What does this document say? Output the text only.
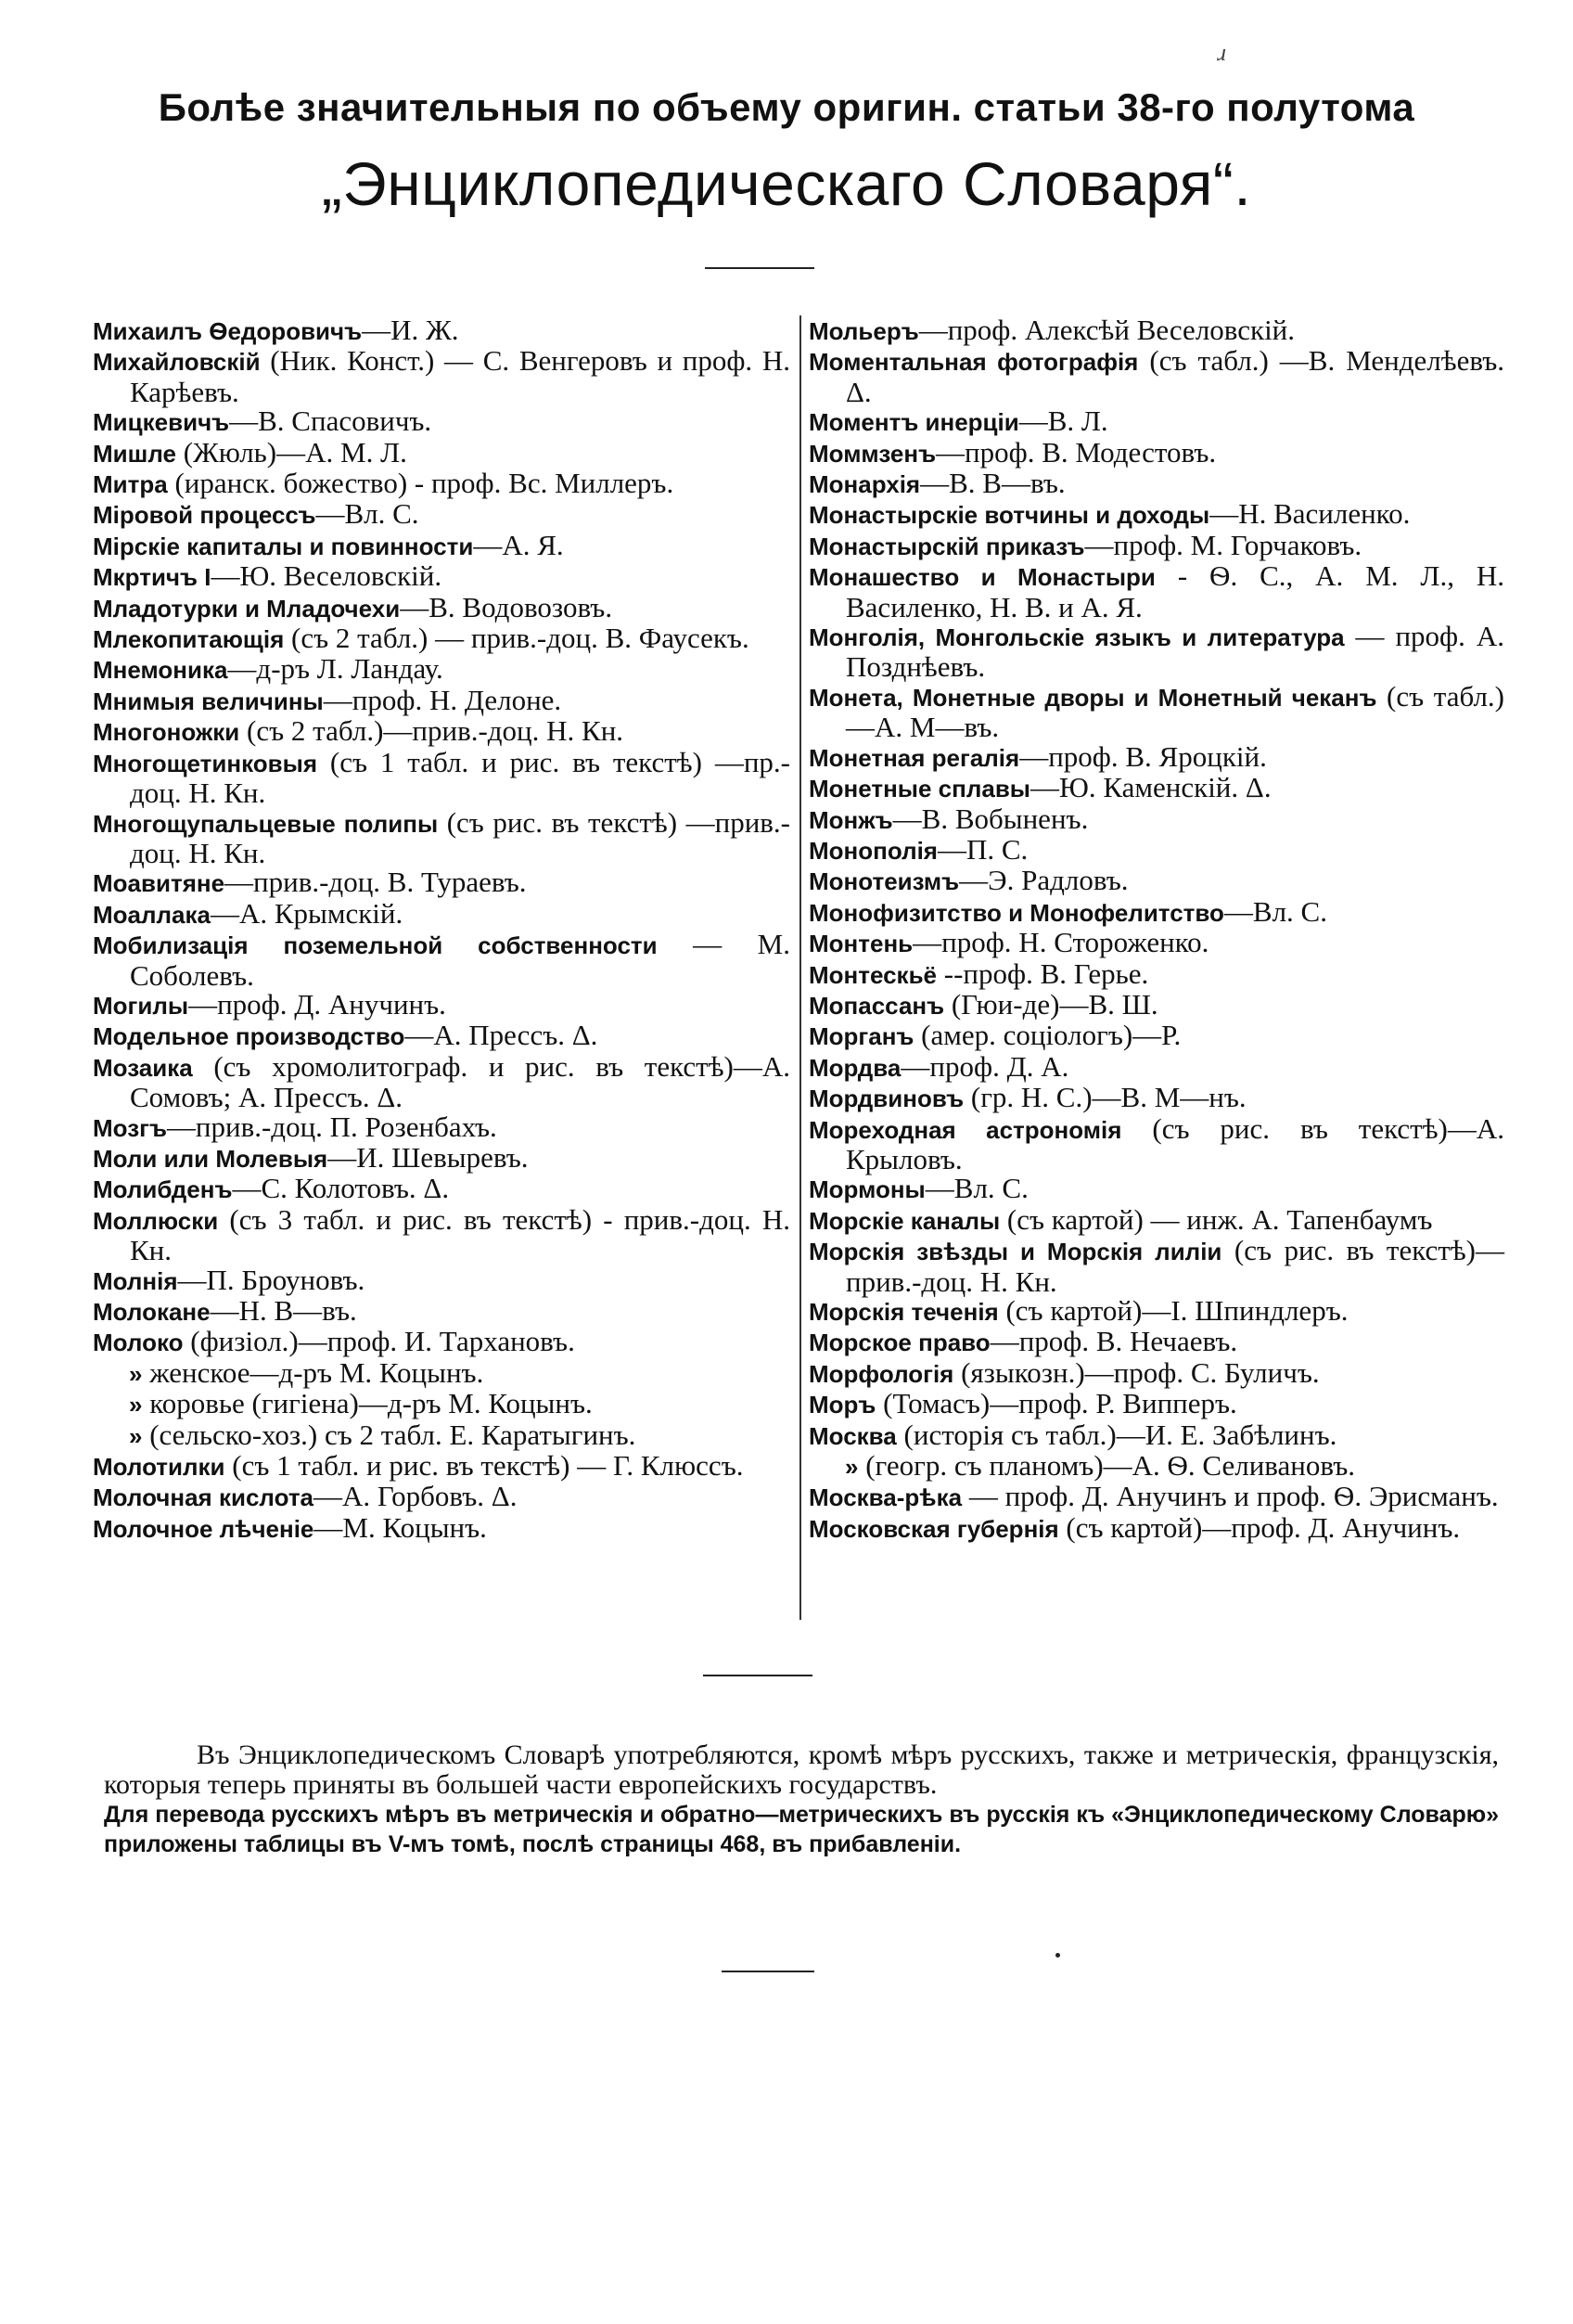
ɹ
Болѣе значительныя по объему оригин. статьи 38-го полутома
„Энциклопедическаго Словаря“.
Михаилъ Ѳедоровичъ—И. Ж.
Михайловскій (Ник. Конст.) — С. Венгеровъ и проф. Н. Карѣевъ.
Мицкевичъ—В. Спасовичъ.
Мишле (Жюль)—А. М. Л.
Митра (иранск. божество) - проф. Вс. Миллеръ.
Міровой процессъ—Вл. С.
Мірскіе капиталы и повинности—А. Я.
Мкртичъ I—Ю. Веселовскій.
Младотурки и Младочехи—В. Водовозовъ.
Млекопитающія (съ 2 табл.) — прив.-доц. В. Фаусекъ.
Мнемоника—д-ръ Л. Ландау.
Мнимыя величины—проф. Н. Делоне.
Многоножки (съ 2 табл.)—прив.-доц. Н. Кн.
Многощетинковыя (съ 1 табл. и рис. въ текстѣ) —пр.-доц. Н. Кн.
Многощупальцевые полипы (съ рис. въ текстѣ) —прив.-доц. Н. Кн.
Моавитяне—прив.-доц. В. Тураевъ.
Моаллака—А. Крымскій.
Мобилизація поземельной собственности — М. Соболевъ.
Могилы—проф. Д. Анучинъ.
Модельное производство—А. Прессъ. Δ.
Мозаика (съ хромолитограф. и рис. въ текстѣ)—А. Сомовъ; А. Прессъ. Δ.
Мозгъ—прив.-доц. П. Розенбахъ.
Моли или Молевыя—И. Шевыревъ.
Молибденъ—С. Колотовъ. Δ.
Моллюски (съ 3 табл. и рис. въ текстѣ) - прив.-доц. Н. Кн.
Молнія—П. Броуновъ.
Молокане—Н. В—въ.
Молоко (физіол.)—проф. И. Тархановъ.
» женское—д-ръ М. Коцынъ.
» коровье (гигіена)—д-ръ М. Коцынъ.
» (сельско-хоз.) съ 2 табл. Е. Каратыгинъ.
Молотилки (съ 1 табл. и рис. въ текстѣ) — Г. Клюссъ.
Молочная кислота—А. Горбовъ. Δ.
Молочное лѣченіе—М. Коцынъ.
Мольеръ—проф. Алексѣй Веселовскій.
Моментальная фотографія (съ табл.) —В. Менделѣевъ. Δ.
Моментъ инерціи—В. Л.
Моммзенъ—проф. В. Модестовъ.
Монархія—В. В—въ.
Монастырскіе вотчины и доходы—Н. Василенко.
Монастырскій приказъ—проф. М. Горчаковъ.
Монашество и Монастыри - Ѳ. С., А. М. Л., Н. Василенко, Н. В. и А. Я.
Монголія, Монгольскіе языкъ и литература — проф. А. Позднѣевъ.
Монета, Монетные дворы и Монетный чеканъ (съ табл.)—А. М—въ.
Монетная регалія—проф. В. Яроцкій.
Монетные сплавы—Ю. Каменскій. Δ.
Монжъ—В. Вобыненъ.
Монополія—П. С.
Монотеизмъ—Э. Радловъ.
Монофизитство и Монофелитство—Вл. С.
Монтень—проф. Н. Стороженко.
Монтескьё --проф. В. Герье.
Мопассанъ (Гюи-де)—В. Ш.
Морганъ (амер. соціологъ)—Р.
Мордва—проф. Д. А.
Мордвиновъ (гр. Н. С.)—В. М—нъ.
Мореходная астрономія (съ рис. въ текстѣ)—А. Крыловъ.
Мормоны—Вл. С.
Морскіе каналы (съ картой) — инж. А. Тапенбаумъ
Морскія звѣзды и Морскія лиліи (съ рис. въ текстѣ)—прив.-доц. Н. Кн.
Морскія теченія (съ картой)—I. Шпиндлеръ.
Морское право—проф. В. Нечаевъ.
Морфологія (языкозн.)—проф. С. Буличъ.
Моръ (Томасъ)—проф. Р. Випперъ.
Москва (исторія съ табл.)—И. Е. Забѣлинъ.
» (геогр. съ планомъ)—А. Ѳ. Селивановъ.
Москва-рѣка — проф. Д. Анучинъ и проф. Ѳ. Эрисманъ.
Московская губернія (съ картой)—проф. Д. Анучинъ.
Въ Энциклопедическомъ Словарѣ употребляются, кромѣ мѣръ русскихъ, также и метрическія, французскія, которыя теперь приняты въ большей части европейскихъ государствъ.
Для перевода русскихъ мѣръ въ метрическія и обратно—метрическихъ въ русскія къ «Энциклопедическому Словарю» приложены таблицы въ V-мъ томѣ, послѣ страницы 468, въ прибавленіи.
